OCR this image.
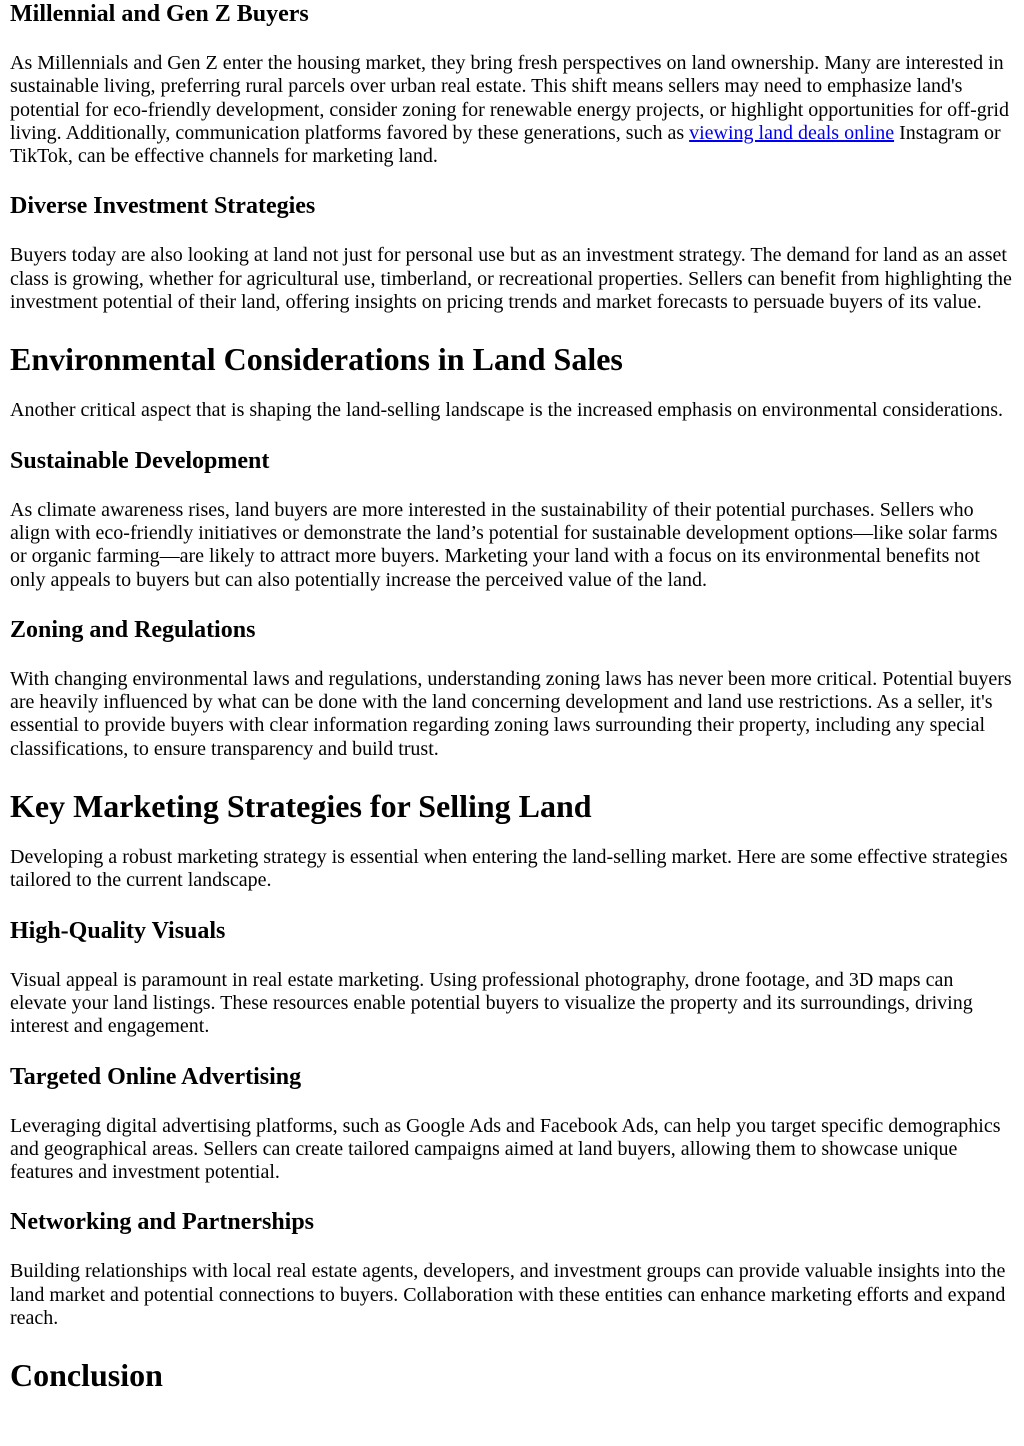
Millennial and Gen Z Buyers

As Millennials and Gen Z enter the housing market, they bring fresh perspectives on land ownership. Many are interested in sustainable living, preferring rural parcels over urban real estate. This shift means sellers may need to emphasize land's potential for eco-friendly development, consider zoning for renewable energy projects, or highlight opportunities for off-grid living. Additionally, communication platforms favored by these generations, such as viewing land deals online Instagram or TikTok, can be effective channels for marketing land.

Diverse Investment Strategies

Buyers today are also looking at land not just for personal use but as an investment strategy. The demand for land as an asset class is growing, whether for agricultural use, timberland, or recreational properties. Sellers can benefit from highlighting the investment potential of their land, offering insights on pricing trends and market forecasts to persuade buyers of its value.

Environmental Considerations in Land Sales

Another critical aspect that is shaping the land-selling landscape is the increased emphasis on environmental considerations.

Sustainable Development

As climate awareness rises, land buyers are more interested in the sustainability of their potential purchases. Sellers who align with eco-friendly initiatives or demonstrate the land’s potential for sustainable development options—like solar farms or organic farming—are likely to attract more buyers. Marketing your land with a focus on its environmental benefits not only appeals to buyers but can also potentially increase the perceived value of the land.

Zoning and Regulations

With changing environmental laws and regulations, understanding zoning laws has never been more critical. Potential buyers are heavily influenced by what can be done with the land concerning development and land use restrictions. As a seller, it's essential to provide buyers with clear information regarding zoning laws surrounding their property, including any special classifications, to ensure transparency and build trust.

Key Marketing Strategies for Selling Land

Developing a robust marketing strategy is essential when entering the land-selling market. Here are some effective strategies tailored to the current landscape.

High-Quality Visuals

Visual appeal is paramount in real estate marketing. Using professional photography, drone footage, and 3D maps can elevate your land listings. These resources enable potential buyers to visualize the property and its surroundings, driving interest and engagement.

Targeted Online Advertising

Leveraging digital advertising platforms, such as Google Ads and Facebook Ads, can help you target specific demographics and geographical areas. Sellers can create tailored campaigns aimed at land buyers, allowing them to showcase unique features and investment potential.

Networking and Partnerships

Building relationships with local real estate agents, developers, and investment groups can provide valuable insights into the land market and potential connections to buyers. Collaboration with these entities can enhance marketing efforts and expand reach.

Conclusion
